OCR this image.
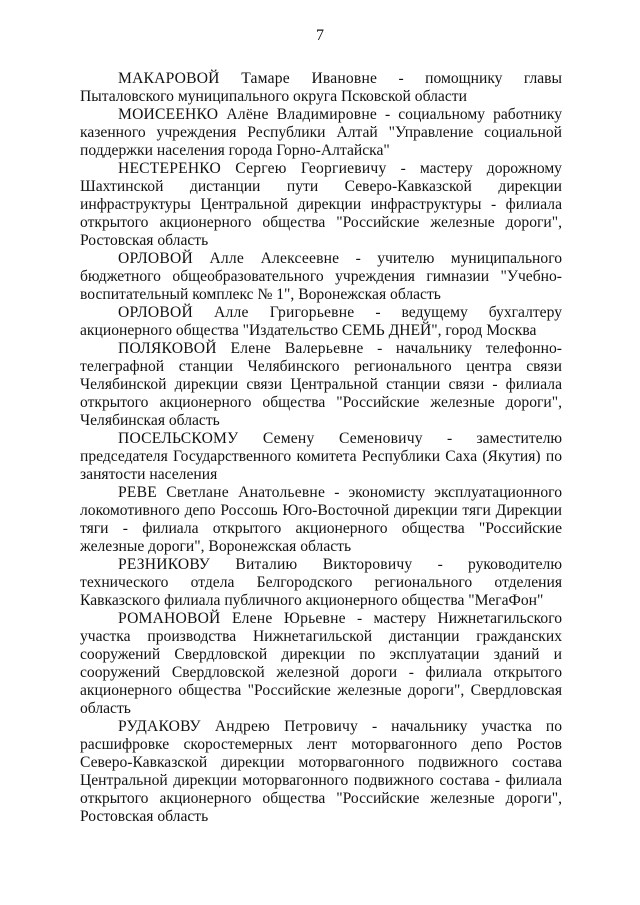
7

МАКАРОВОЙ Тамаре Ивановне - помощнику главы Пыталовского муниципального округа Псковской области

МОИСЕЕНКО Алёне Владимировне - социальному работнику казенного учреждения Республики Алтай "Управление социальной поддержки населения города Горно-Алтайска"

НЕСТЕРЕНКО Сергею Георгиевичу - мастеру дорожному Шахтинской дистанции пути Северо-Кавказской дирекции инфраструктуры Центральной дирекции инфраструктуры - филиала открытого акционерного общества "Российские железные дороги", Ростовская область

ОРЛОВОЙ Алле Алексеевне - учителю муниципального бюджетного общеобразовательного учреждения гимназии "Учебно-воспитательный комплекс № 1", Воронежская область

ОРЛОВОЙ Алле Григорьевне - ведущему бухгалтеру акционерного общества "Издательство СЕМЬ ДНЕЙ", город Москва

ПОЛЯКОВОЙ Елене Валерьевне - начальнику телефонно-телеграфной станции Челябинского регионального центра связи Челябинской дирекции связи Центральной станции связи - филиала открытого акционерного общества "Российские железные дороги", Челябинская область

ПОСЕЛЬСКОМУ Семену Семеновичу - заместителю председателя Государственного комитета Республики Саха (Якутия) по занятости населения

РЕВЕ Светлане Анатольевне - экономисту эксплуатационного локомотивного депо Россошь Юго-Восточной дирекции тяги Дирекции тяги - филиала открытого акционерного общества "Российские железные дороги", Воронежская область

РЕЗНИКОВУ Виталию Викторовичу - руководителю технического отдела Белгородского регионального отделения Кавказского филиала публичного акционерного общества "МегаФон"

РОМАНОВОЙ Елене Юрьевне - мастеру Нижнетагильского участка производства Нижнетагильской дистанции гражданских сооружений Свердловской дирекции по эксплуатации зданий и сооружений Свердловской железной дороги - филиала открытого акционерного общества "Российские железные дороги", Свердловская область

РУДАКОВУ Андрею Петровичу - начальнику участка по расшифровке скоростемерных лент моторвагонного депо Ростов Северо-Кавказской дирекции моторвагонного подвижного состава Центральной дирекции моторвагонного подвижного состава - филиала открытого акционерного общества "Российские железные дороги", Ростовская область
